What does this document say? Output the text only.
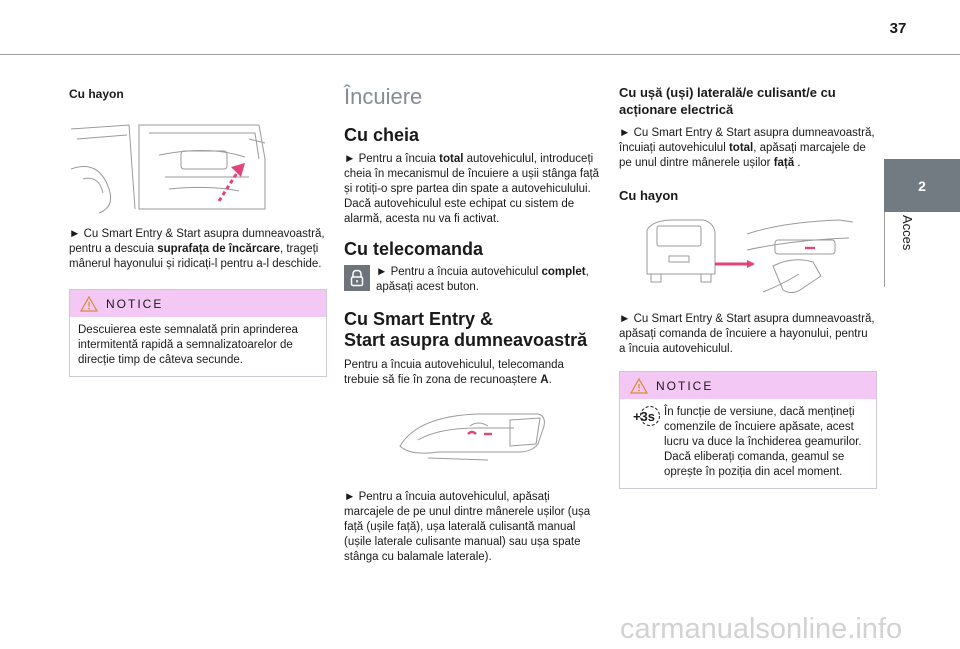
37
2
Acces
Cu hayon
► Cu Smart Entry & Start asupra dumneavoastră, pentru a descuia suprafața de încărcare, trageți mânerul hayonului și ridicați-l pentru a-l deschide.
NOTICE
Descuierea este semnalată prin aprinderea intermitentă rapidă a semnalizatoarelor de direcție timp de câteva secunde.
Încuiere
Cu cheia
► Pentru a încuia total autovehiculul, introduceți cheia în mecanismul de încuiere a ușii stânga față și rotiți-o spre partea din spate a autovehiculului.
Dacă autovehiculul este echipat cu sistem de alarmă, acesta nu va fi activat.
Cu telecomanda
► Pentru a încuia autovehiculul complet, apăsați acest buton.
Cu Smart Entry &
Start asupra dumneavoastră
Pentru a încuia autovehiculul, telecomanda trebuie să fie în zona de recunoaștere A.
► Pentru a încuia autovehiculul, apăsați marcajele de pe unul dintre mânerele ușilor (ușa față (ușile față), ușa laterală culisantă manual (ușile laterale culisante manual) sau ușa spate stânga cu balamale laterale).
Cu ușă (uși) laterală/e culisant/e cu acționare electrică
► Cu Smart Entry & Start asupra dumneavoastră, încuiați autovehiculul total, apăsați marcajele de pe unul dintre mânerele ușilor față .
Cu hayon
► Cu Smart Entry & Start asupra dumneavoastră, apăsați comanda de încuiere a hayonului, pentru a încuia autovehiculul.
NOTICE
+3s În funcție de versiune, dacă mențineți comenzile de încuiere apăsate, acest lucru va duce la închiderea geamurilor. Dacă eliberați comanda, geamul se oprește în poziția din acel moment.
carmanualsonline.info
